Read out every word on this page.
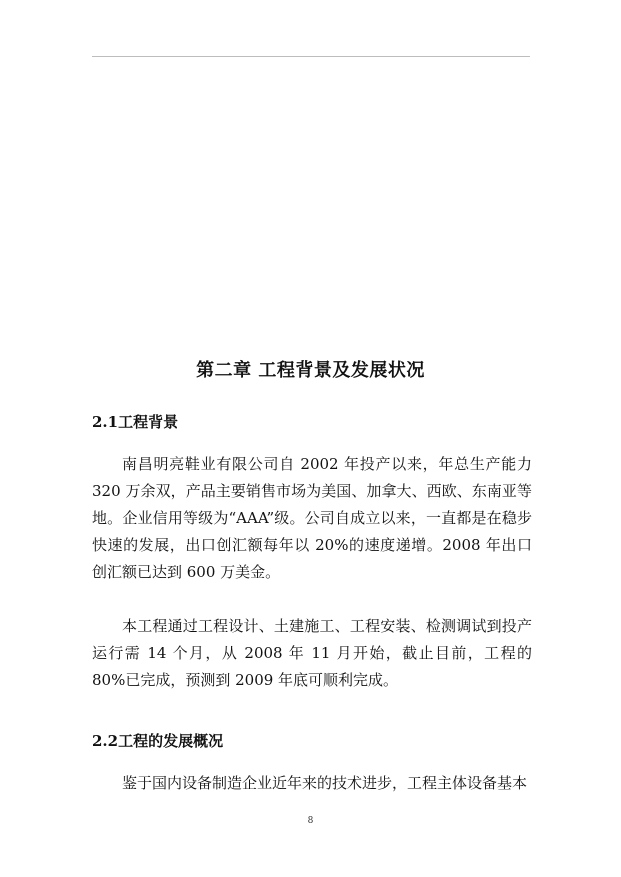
第二章 工程背景及发展状况
2.1工程背景

南昌明亮鞋业有限公司自 2002 年投产以来，年总生产能力 320 万余双，产品主要销售市场为美国、加拿大、西欧、东南亚等地。企业信用等级为“AAA”级。公司自成立以来，一直都是在稳步快速的发展，出口创汇额每年以 20%的速度递增。2008 年出口创汇额已达到 600 万美金。

本工程通过工程设计、土建施工、工程安装、检测调试到投产运行需 14 个月，从 2008 年 11 月开始，截止目前，工程的 80%已完成，预测到 2009 年底可顺利完成。

2.2工程的发展概况

鉴于国内设备制造企业近年来的技术进步，工程主体设备基本

8
